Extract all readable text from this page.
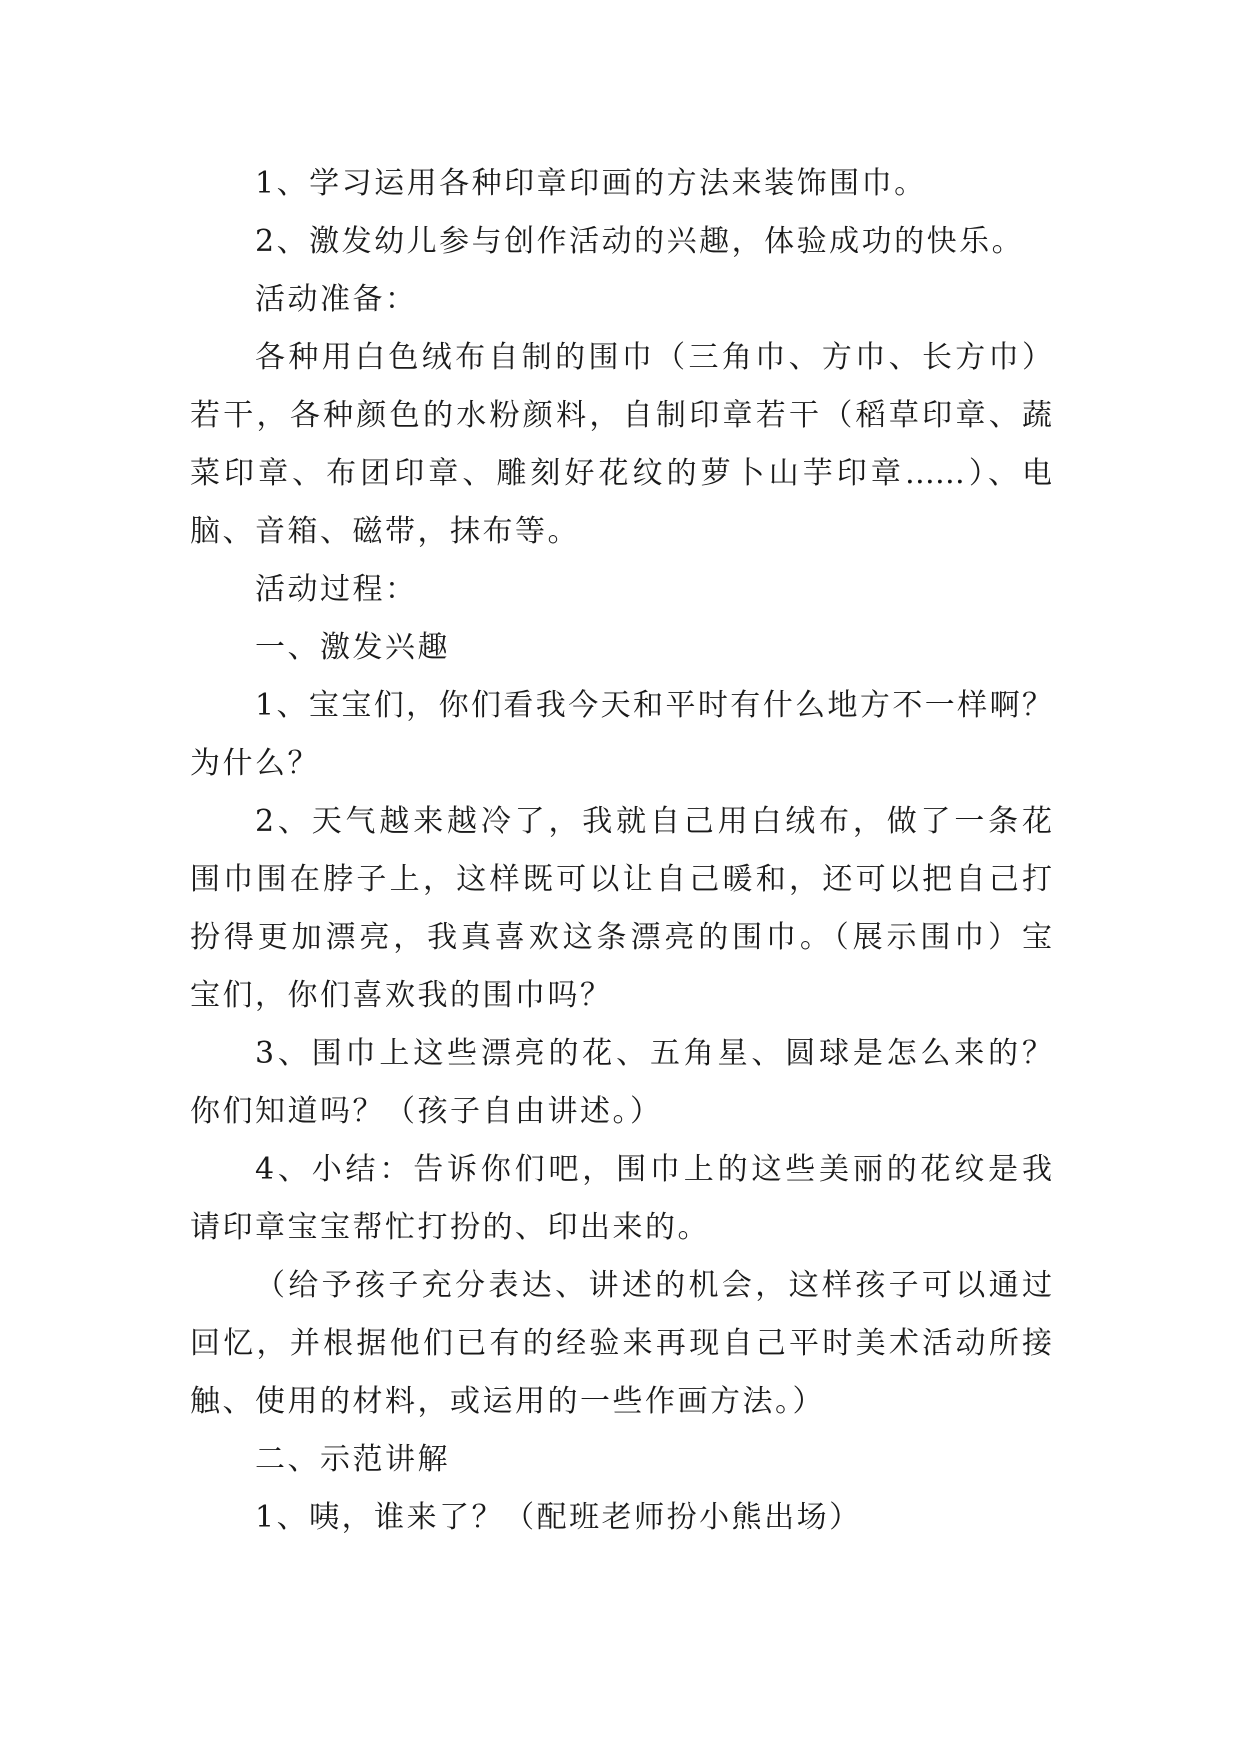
1、学习运用各种印章印画的方法来装饰围巾。
2、激发幼儿参与创作活动的兴趣，体验成功的快乐。
活动准备：
各种用白色绒布自制的围巾（三角巾、方巾、长方巾）
若干，各种颜色的水粉颜料，自制印章若干（稻草印章、蔬
菜印章、布团印章、雕刻好花纹的萝卜山芋印章……）、电
脑、音箱、磁带，抹布等。
活动过程：
一、激发兴趣
1、宝宝们，你们看我今天和平时有什么地方不一样啊？
为什么？
2、天气越来越冷了，我就自己用白绒布，做了一条花
围巾围在脖子上，这样既可以让自己暖和，还可以把自己打
扮得更加漂亮，我真喜欢这条漂亮的围巾。（展示围巾）宝
宝们，你们喜欢我的围巾吗？
3、围巾上这些漂亮的花、五角星、圆球是怎么来的？
你们知道吗？（孩子自由讲述。）
4、小结：告诉你们吧，围巾上的这些美丽的花纹是我
请印章宝宝帮忙打扮的、印出来的。
（给予孩子充分表达、讲述的机会，这样孩子可以通过
回忆，并根据他们已有的经验来再现自己平时美术活动所接
触、使用的材料，或运用的一些作画方法。）
二、示范讲解
1、咦，谁来了？（配班老师扮小熊出场）
